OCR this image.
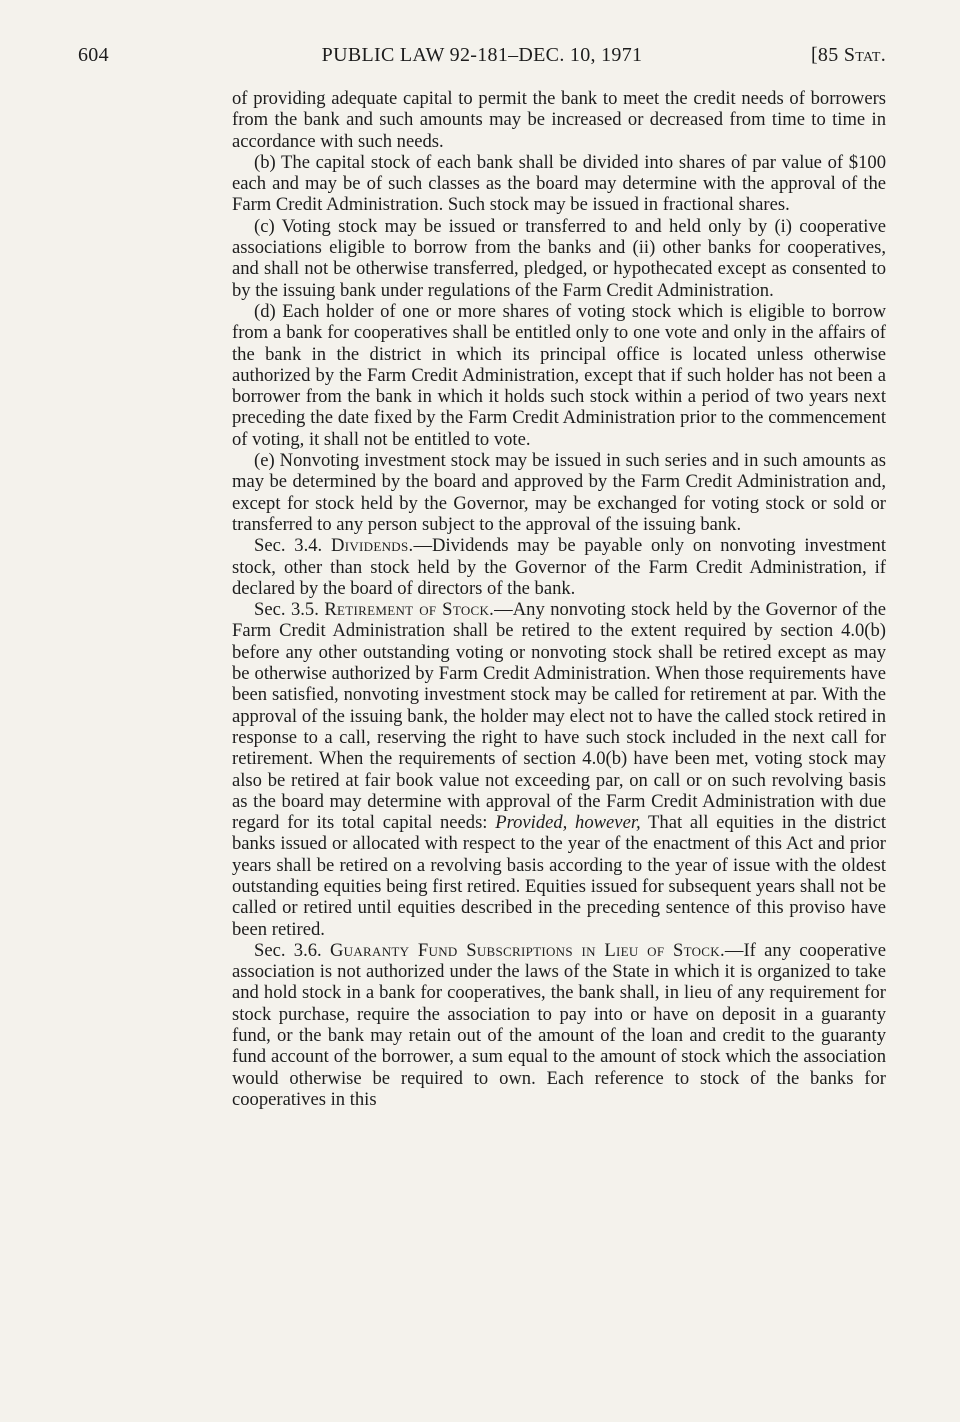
604	PUBLIC LAW 92-181–DEC. 10, 1971	[85 Stat.

of providing adequate capital to permit the bank to meet the credit needs of borrowers from the bank and such amounts may be increased or decreased from time to time in accordance with such needs.

(b) The capital stock of each bank shall be divided into shares of par value of $100 each and may be of such classes as the board may determine with the approval of the Farm Credit Administration. Such stock may be issued in fractional shares.

(c) Voting stock may be issued or transferred to and held only by (i) cooperative associations eligible to borrow from the banks and (ii) other banks for cooperatives, and shall not be otherwise transferred, pledged, or hypothecated except as consented to by the issuing bank under regulations of the Farm Credit Administration.

(d) Each holder of one or more shares of voting stock which is eligible to borrow from a bank for cooperatives shall be entitled only to one vote and only in the affairs of the bank in the district in which its principal office is located unless otherwise authorized by the Farm Credit Administration, except that if such holder has not been a borrower from the bank in which it holds such stock within a period of two years next preceding the date fixed by the Farm Credit Administration prior to the commencement of voting, it shall not be entitled to vote.

(e) Nonvoting investment stock may be issued in such series and in such amounts as may be determined by the board and approved by the Farm Credit Administration and, except for stock held by the Governor, may be exchanged for voting stock or sold or transferred to any person subject to the approval of the issuing bank.

Sec. 3.4. Dividends.—Dividends may be payable only on nonvoting investment stock, other than stock held by the Governor of the Farm Credit Administration, if declared by the board of directors of the bank.

Sec. 3.5. Retirement of Stock.—Any nonvoting stock held by the Governor of the Farm Credit Administration shall be retired to the extent required by section 4.0(b) before any other outstanding voting or nonvoting stock shall be retired except as may be otherwise authorized by Farm Credit Administration. When those requirements have been satisfied, nonvoting investment stock may be called for retirement at par. With the approval of the issuing bank, the holder may elect not to have the called stock retired in response to a call, reserving the right to have such stock included in the next call for retirement. When the requirements of section 4.0(b) have been met, voting stock may also be retired at fair book value not exceeding par, on call or on such revolving basis as the board may determine with approval of the Farm Credit Administration with due regard for its total capital needs: Provided, however, That all equities in the district banks issued or allocated with respect to the year of the enactment of this Act and prior years shall be retired on a revolving basis according to the year of issue with the oldest outstanding equities being first retired. Equities issued for subsequent years shall not be called or retired until equities described in the preceding sentence of this proviso have been retired.

Sec. 3.6. Guaranty Fund Subscriptions in Lieu of Stock.—If any cooperative association is not authorized under the laws of the State in which it is organized to take and hold stock in a bank for cooperatives, the bank shall, in lieu of any requirement for stock purchase, require the association to pay into or have on deposit in a guaranty fund, or the bank may retain out of the amount of the loan and credit to the guaranty fund account of the borrower, a sum equal to the amount of stock which the association would otherwise be required to own. Each reference to stock of the banks for cooperatives in this
